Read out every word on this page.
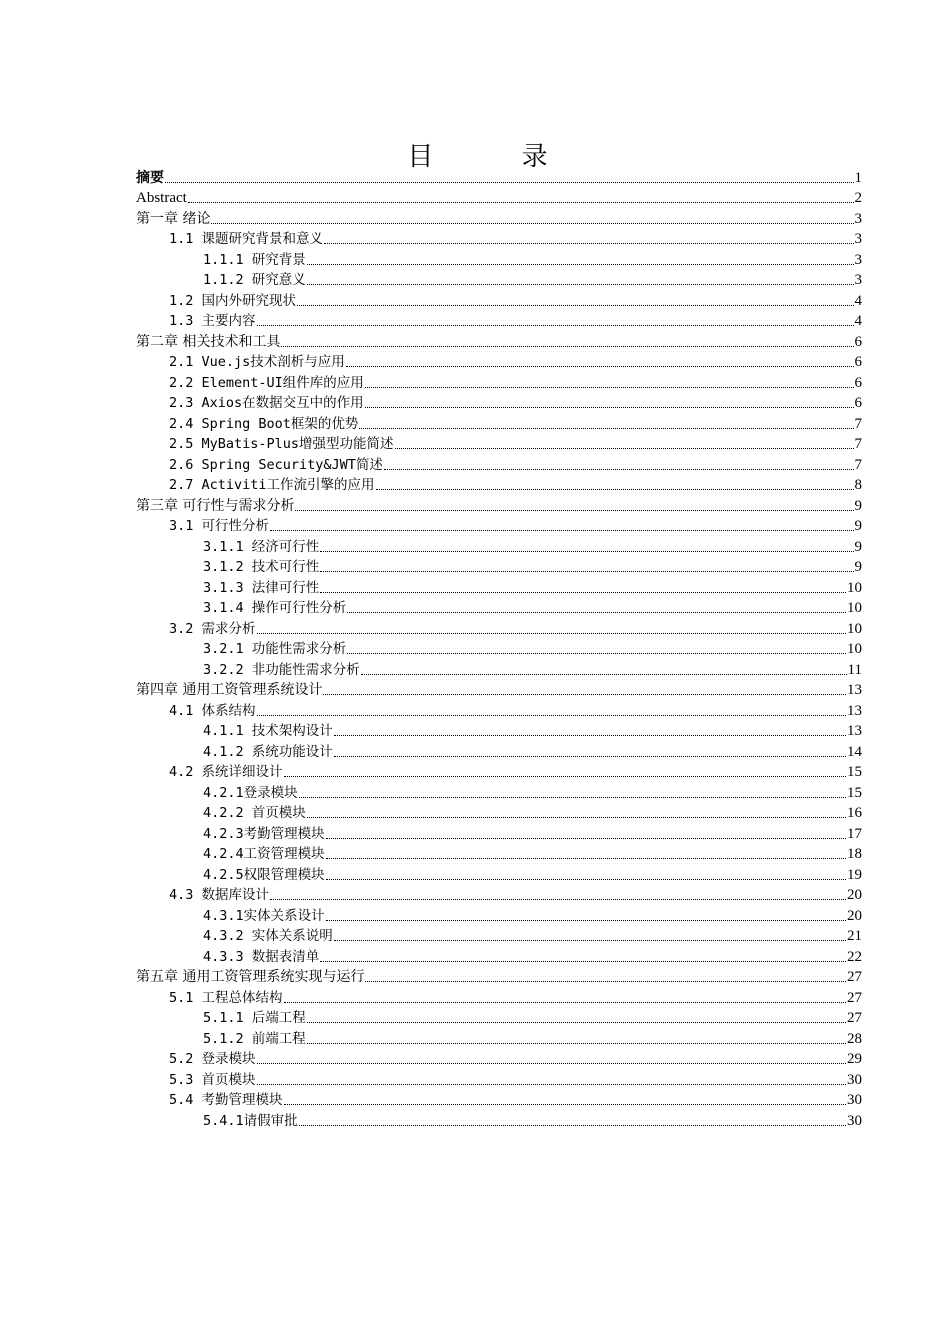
目 录
摘要	1
Abstract	2
第一章 绪论	3
1.1 课题研究背景和意义	3
1.1.1 研究背景	3
1.1.2 研究意义	3
1.2 国内外研究现状	4
1.3 主要内容	4
第二章 相关技术和工具	6
2.1 Vue.js技术剖析与应用	6
2.2 Element-UI组件库的应用	6
2.3 Axios在数据交互中的作用	6
2.4 Spring Boot框架的优势	7
2.5 MyBatis-Plus增强型功能简述	7
2.6 Spring Security&JWT简述	7
2.7 Activiti工作流引擎的应用	8
第三章 可行性与需求分析	9
3.1 可行性分析	9
3.1.1 经济可行性	9
3.1.2 技术可行性	9
3.1.3 法律可行性	10
3.1.4 操作可行性分析	10
3.2 需求分析	10
3.2.1 功能性需求分析	10
3.2.2 非功能性需求分析	11
第四章 通用工资管理系统设计	13
4.1 体系结构	13
4.1.1 技术架构设计	13
4.1.2 系统功能设计	14
4.2 系统详细设计	15
4.2.1登录模块	15
4.2.2 首页模块	16
4.2.3考勤管理模块	17
4.2.4工资管理模块	18
4.2.5权限管理模块	19
4.3 数据库设计	20
4.3.1实体关系设计	20
4.3.2 实体关系说明	21
4.3.3 数据表清单	22
第五章 通用工资管理系统实现与运行	27
5.1 工程总体结构	27
5.1.1 后端工程	27
5.1.2 前端工程	28
5.2 登录模块	29
5.3 首页模块	30
5.4 考勤管理模块	30
5.4.1请假审批	30
